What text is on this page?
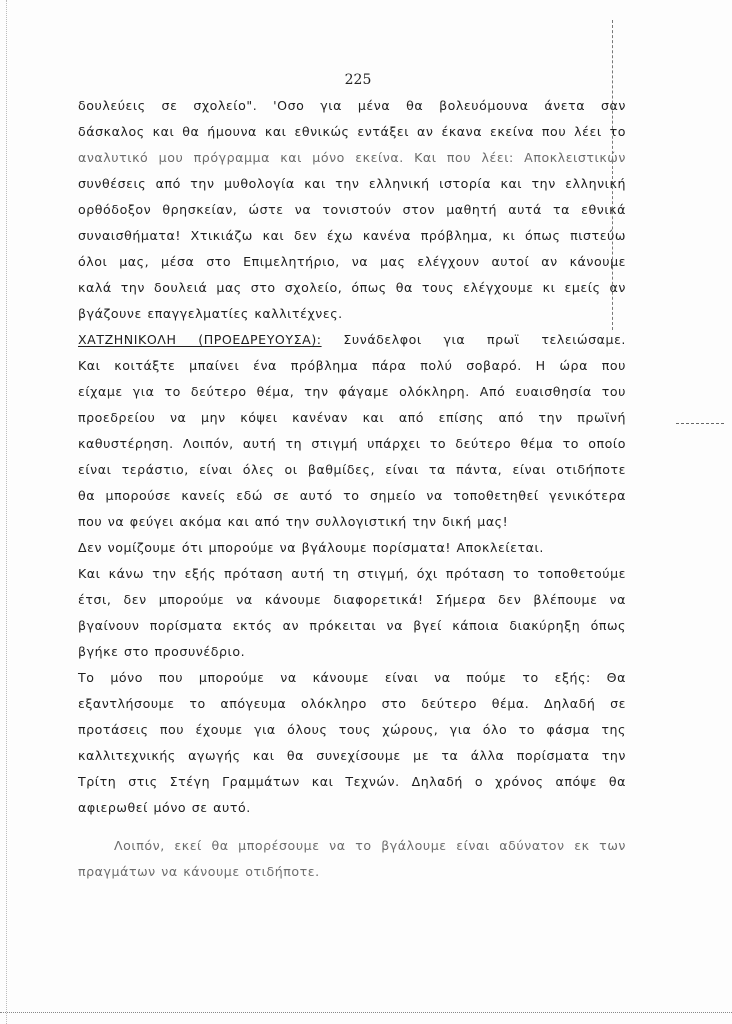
225
δουλεύεις σε σχολείο". 'Οσο για μένα θα βολευόμουνα άνετα σαν
δάσκαλος και θα ήμουνα και εθνικώς εντάξει αν έκανα εκείνα που λέει το
αναλυτικό μου πρόγραμμα και μόνο εκείνα. Και που λέει: Αποκλειστικών
συνθέσεις από την μυθολογία και την ελληνική ιστορία και την ελληνική
ορθόδοξον θρησκείαν, ώστε να τονιστούν στον μαθητή αυτά τα εθνικά
συναισθήματα! Χτικιάζω και δεν έχω κανένα πρόβλημα, κι όπως πιστεύω
όλοι μας, μέσα στο Επιμελητήριο, να μας ελέγχουν αυτοί αν κάνουμε
καλά την δουλειά μας στο σχολείο, όπως θα τους ελέγχουμε κι εμείς αν
βγάζουνε επαγγελματίες καλλιτέχνες.
ΧΑΤΖΗΝΙΚΟΛΗ (ΠΡΟΕΔΡΕΥΟΥΣΑ): Συνάδελφοι για πρωϊ τελειώσαμε.
Και κοιτάξτε μπαίνει ένα πρόβλημα πάρα πολύ σοβαρό. Η ώρα που
είχαμε για το δεύτερο θέμα, την φάγαμε ολόκληρη. Από ευαισθησία του
προεδρείου να μην κόψει κανέναν και από επίσης από την πρωϊνή
καθυστέρηση. Λοιπόν, αυτή τη στιγμή υπάρχει το δεύτερο θέμα το οποίο
είναι τεράστιο, είναι όλες οι βαθμίδες, είναι τα πάντα, είναι οτιδήποτε
θα μπορούσε κανείς εδώ σε αυτό το σημείο να τοποθετηθεί γενικότερα
που να φεύγει ακόμα και από την συλλογιστική την δική μας!
Δεν νομίζουμε ότι μπορούμε να βγάλουμε πορίσματα! Αποκλείεται.
Και κάνω την εξής πρόταση αυτή τη στιγμή, όχι πρόταση το τοποθετούμε
έτσι, δεν μπορούμε να κάνουμε διαφορετικά! Σήμερα δεν βλέπουμε να
βγαίνουν πορίσματα εκτός αν πρόκειται να βγεί κάποια διακύρηξη όπως
βγήκε στο προσυνέδριο.
Το μόνο που μπορούμε να κάνουμε είναι να πούμε το εξής: Θα
εξαντλήσουμε το απόγευμα ολόκληρο στο δεύτερο θέμα. Δηλαδή σε
προτάσεις που έχουμε για όλους τους χώρους, για όλο το φάσμα της
καλλιτεχνικής αγωγής και θα συνεχίσουμε με τα άλλα πορίσματα την
Τρίτη στις Στέγη Γραμμάτων και Τεχνών. Δηλαδή ο χρόνος απόψε θα
αφιερωθεί μόνο σε αυτό.
Λοιπόν, εκεί θα μπορέσουμε να το βγάλουμε είναι αδύνατον εκ των
πραγμάτων να κάνουμε οτιδήποτε.
